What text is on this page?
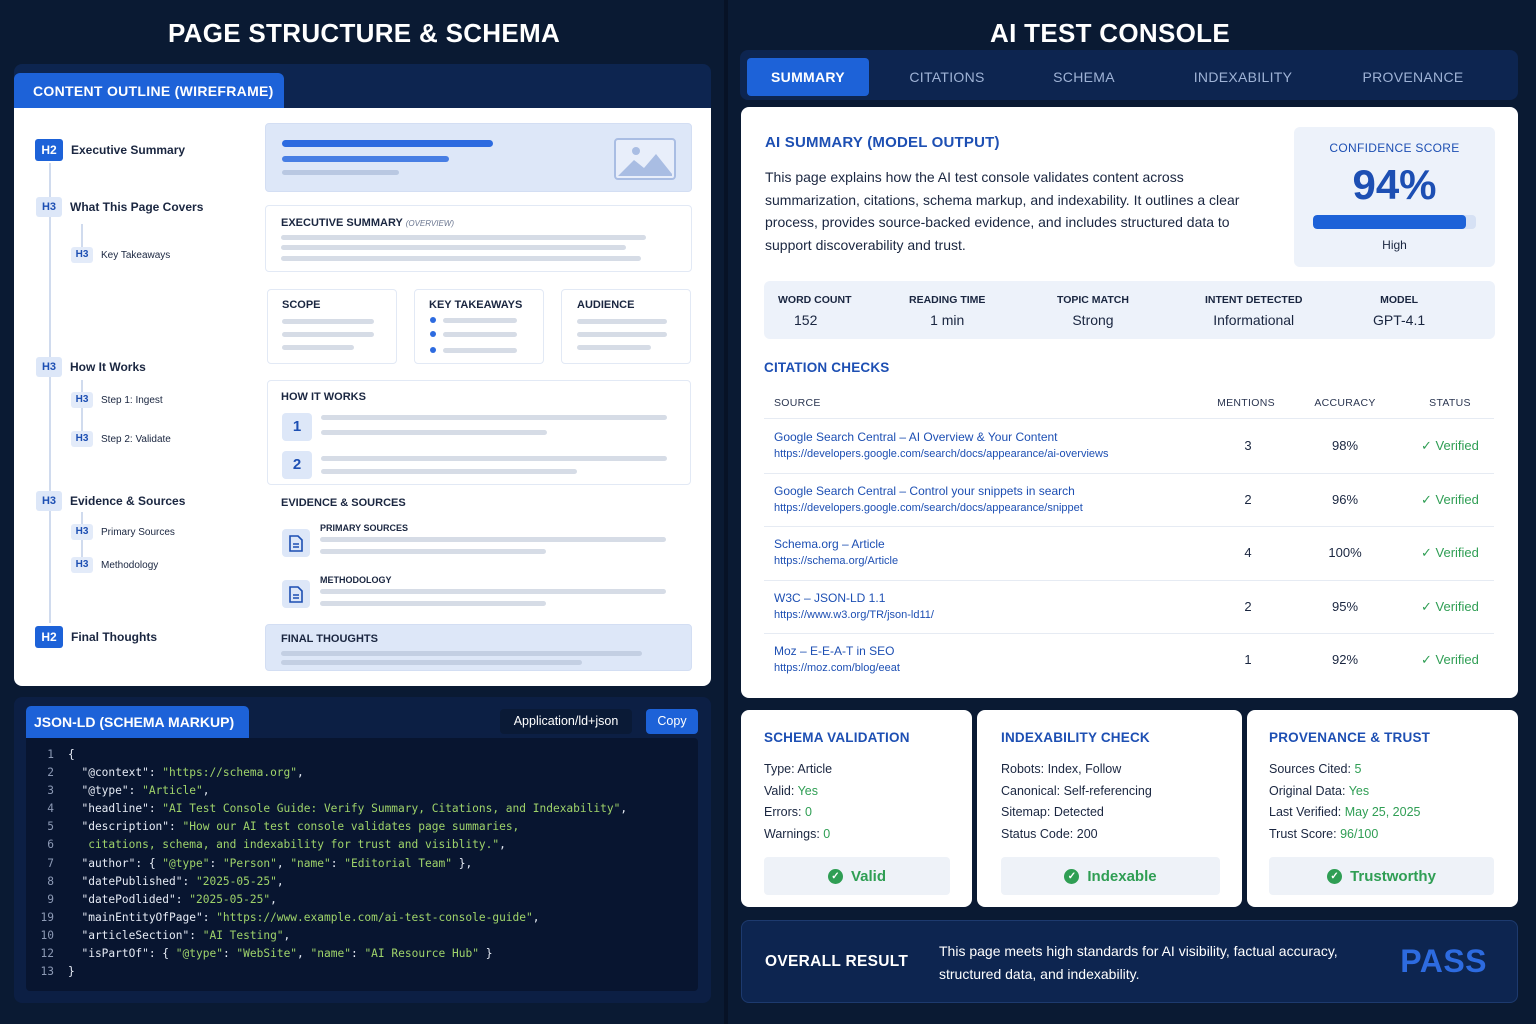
PAGE STRUCTURE & SCHEMA
CONTENT OUTLINE (WIREFRAME)
H2	Executive Summary
H3	What This Page Covers
H3	Key Takeaways
H3	How It Works
H3	Step 1: Ingest
H3	Step 2: Validate
H3	Evidence & Sources
H3	Primary Sources
H3	Methodology
H2	Final Thoughts
EXECUTIVE SUMMARY (OVERVIEW)
SCOPE	KEY TAKEAWAYS	AUDIENCE
HOW IT WORKS
1
2
EVIDENCE & SOURCES
PRIMARY SOURCES
METHODOLOGY
FINAL THOUGHTS
JSON-LD (SCHEMA MARKUP)	Application/ld+json	Copy
1 {
2  "@context": "https://schema.org",
3  "@type": "Article",
4  "headline": "AI Test Console Guide: Verify Summary, Citations, and Indexability",
5  "description": "How our AI test console validates page summaries,
6   citations, schema, and indexability for trust and visiblity.",
7  "author": { "@type": "Person", "name": "Editorial Team" },
8  "datePublished": "2025-05-25",
9  "datePodlided": "2025-05-25",
19  "mainEntityOfPage": "https://www.example.com/ai-test-console-guide",
10  "articleSection": "AI Testing",
12  "isPartOf": { "@type": "WebSite", "name": "AI Resource Hub" }
13 }
AI TEST CONSOLE
SUMMARY	CITATIONS	SCHEMA	INDEXABILITY	PROVENANCE
AI SUMMARY (MODEL OUTPUT)
This page explains how the AI test console validates content across summarization, citations, schema markup, and indexability. It outlines a clear process, provides source-backed evidence, and includes structured data to support discoverability and trust.
CONFIDENCE SCORE
94%
High
WORD COUNT
152
READING TIME
1 min
TOPIC MATCH
Strong
INTENT DETECTED
Informational
MODEL
GPT-4.1
CITATION CHECKS
SOURCE	MENTIONS	ACCURACY	STATUS
Google Search Central – AI Overview & Your Content
https://developers.google.com/search/docs/appearance/ai-overviews
3	98%	✓ Verified
Google Search Central – Control your snippets in search
https://developers.google.com/search/docs/appearance/snippet
2	96%	✓ Verified
Schema.org – Article
https://schema.org/Article
4	100%	✓ Verified
W3C – JSON-LD 1.1
https://www.w3.org/TR/json-ld11/
2	95%	✓ Verified
Moz – E-E-A-T in SEO
https://moz.com/blog/eeat
1	92%	✓ Verified
SCHEMA VALIDATION
Type: Article
Valid: Yes
Errors: 0
Warnings: 0
✓ Valid
INDEXABILITY CHECK
Robots: Index, Follow
Canonical: Self-referencing
Sitemap: Detected
Status Code: 200
✓ Indexable
PROVENANCE & TRUST
Sources Cited: 5
Original Data: Yes
Last Verified: May 25, 2025
Trust Score: 96/100
✓ Trustworthy
OVERALL RESULT
This page meets high standards for AI visibility, factual accuracy, structured data, and indexability.	PASS
